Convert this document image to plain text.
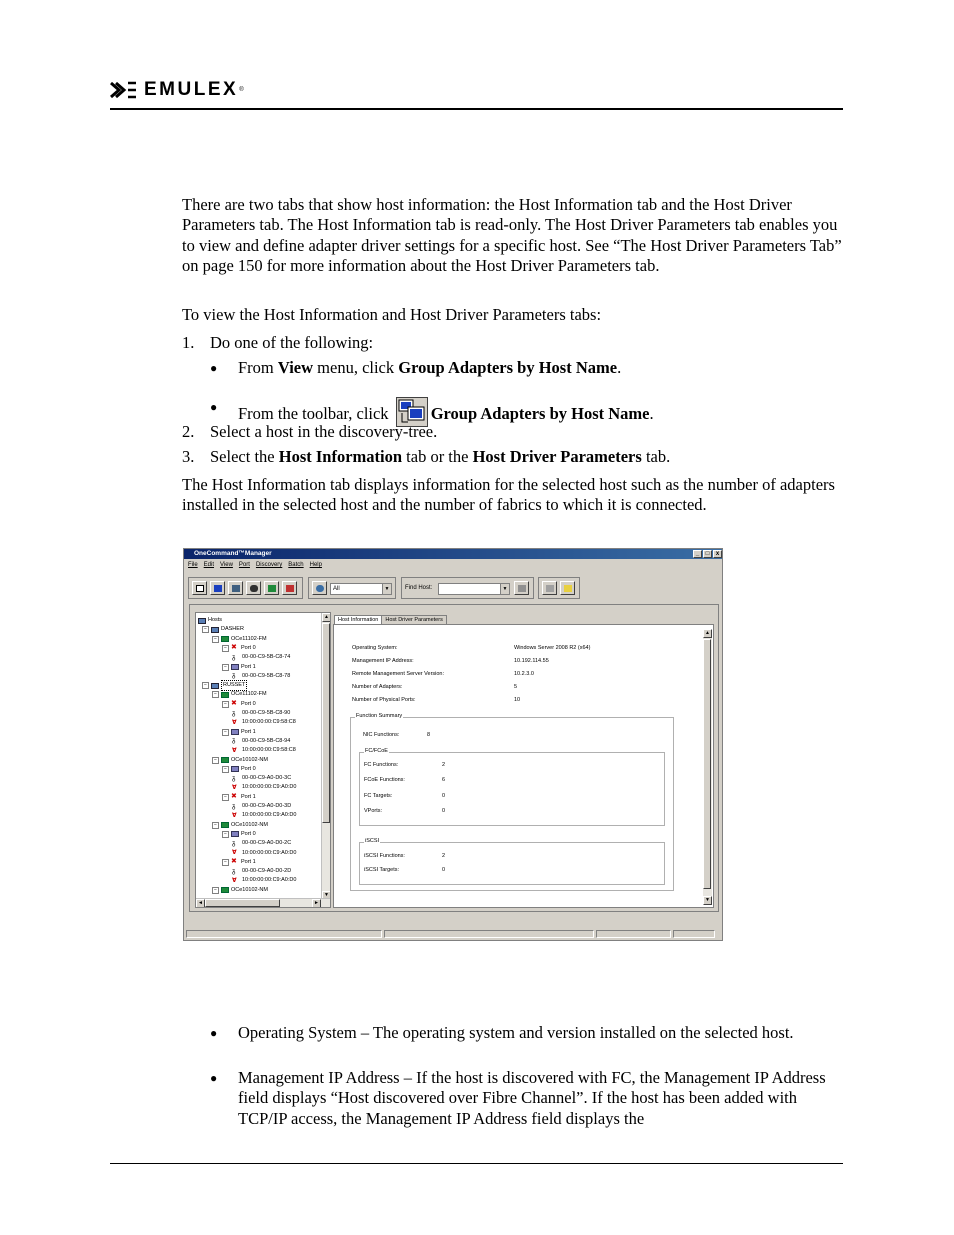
EMULEX ®
There are two tabs that show host information: the Host Information tab and the Host Driver Parameters tab. The Host Information tab is read-only. The Host Driver Parameters tab enables you to view and define adapter driver settings for a specific host. See “The Host Driver Parameters Tab” on page 150 for more information about the Host Driver Parameters tab.
To view the Host Information and Host Driver Parameters tabs:
1. Do one of the following:
● From View menu, click Group Adapters by Host Name.
● From the toolbar, click Group Adapters by Host Name.
2. Select a host in the discovery-tree.
3. Select the Host Information tab or the Host Driver Parameters tab.
The Host Information tab displays information for the selected host such as the number of adapters installed in the selected host and the number of fabrics to which it is connected.
OneCommand™Manager	_	□	x
File Edit View Port Discovery Batch Help
All	▼	Find Host:	▼
Hosts
−	DASHER
−	OCe11102-FM
− ✖ Port 0
ᵹ	00-00-C9-5B-C8-74
−	Port 1
ᵹ	00-00-C9-5B-C8-78
−	RUSSET
−	OCe11102-FM
− ✖ Port 0
ᵹ	00-00-C9-5B-C8-90
Ɐ 10:00:00:00:C9:58:C8
−	Port 1
ᵹ	00-00-C9-5B-C8-94
Ɐ 10:00:00:00:C9:58:C8
−	OCe10102-NM
−	Port 0
ᵹ	00-00-C9-A0-D0-3C
Ɐ 10:00:00:00:C9:A0:D0
− ✖ Port 1
ᵹ	00-00-C9-A0-D0-3D
Ɐ 10:00:00:00:C9:A0:D0
−	OCe10102-NM
−	Port 0
ᵹ	00-00-C9-A0-D0-2C
Ɐ 10:00:00:00:C9:A0:D0
− ✖ Port 1
ᵹ	00-00-C9-A0-D0-2D
Ɐ 10:00:00:00:C9:A0:D0
−	OCe10102-NM
▲
▼
◄	►
Host Information	Host Driver Parameters
Operating System:	Windows Server 2008 R2 (x64)
Management IP Address:	10.192.114.55
Remote Management Server Version:	10.2.3.0
Number of Adapters:	5
Number of Physical Ports:	10
Function Summary
NIC Functions:	8
FC/FCoE
FC Functions:	2
FCoE Functions:	6
FC Targets:	0
VPorts:	0
iSCSI
iSCSI Functions:	2
iSCSI Targets:	0
▲
▼
● Operating System – The operating system and version installed on the selected host.
● Management IP Address – If the host is discovered with FC, the Management IP Address field displays “Host discovered over Fibre Channel”. If the host has been added with TCP/IP access, the Management IP Address field displays the
